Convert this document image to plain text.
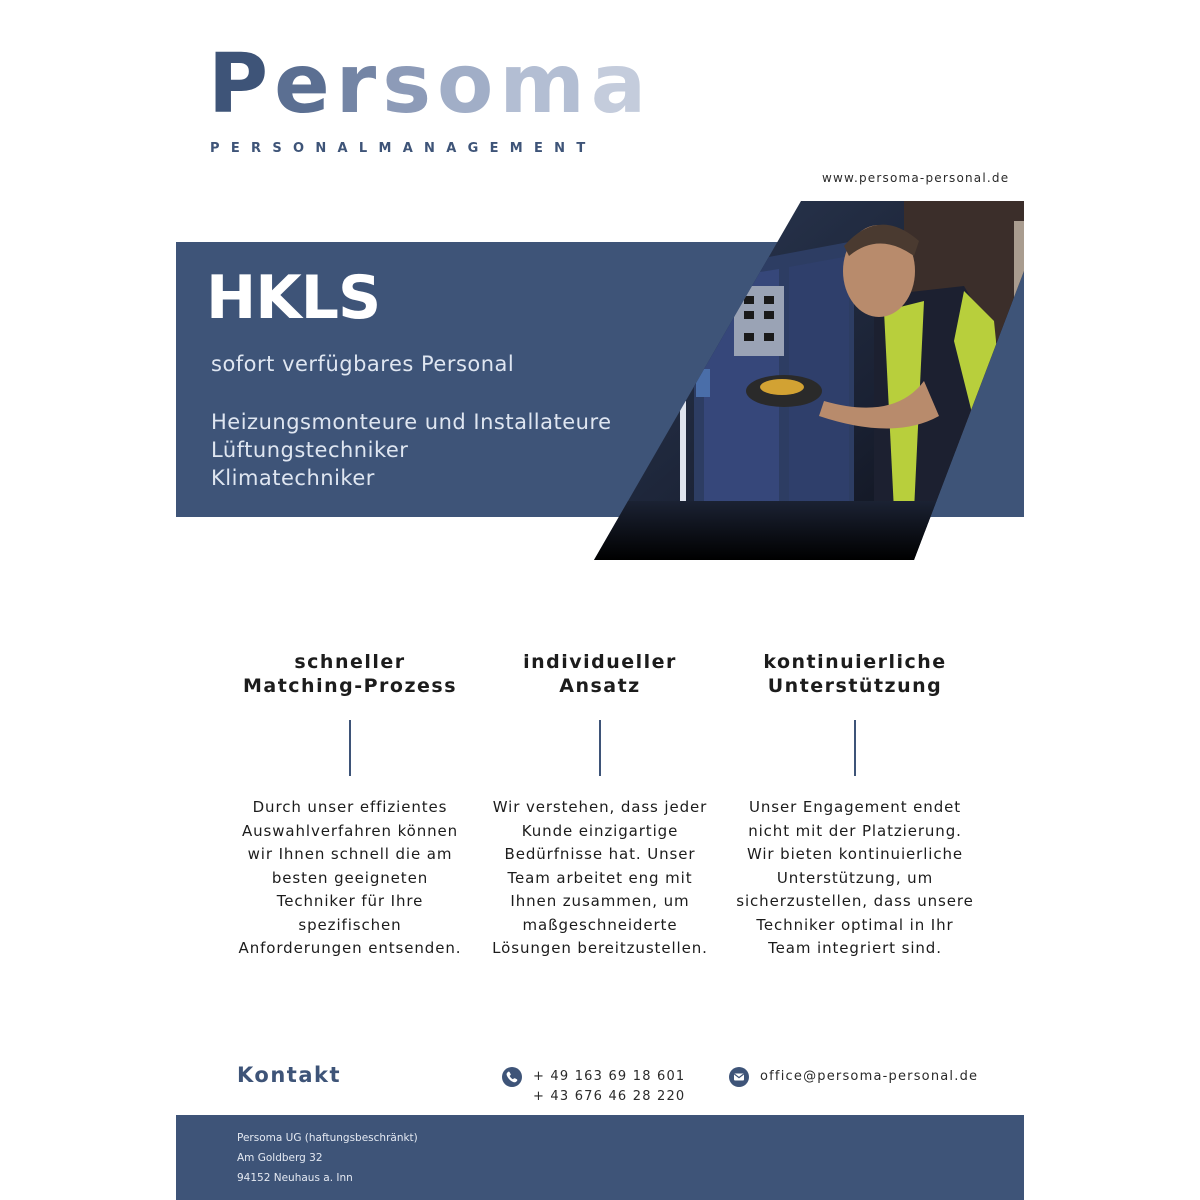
Persoma
PERSONALMANAGEMENT
www.persoma-personal.de
HKLS
sofort verfügbares Personal
Heizungsmonteure und Installateure
Lüftungstechniker
Klimatechniker
schneller
Matching-Prozess
Durch unser effizientes
Auswahlverfahren können
wir Ihnen schnell die am
besten geeigneten
Techniker für Ihre
spezifischen
Anforderungen entsenden.
individueller
Ansatz
Wir verstehen, dass jeder
Kunde einzigartige
Bedürfnisse hat. Unser
Team arbeitet eng mit
Ihnen zusammen, um
maßgeschneiderte
Lösungen bereitzustellen.
kontinuierliche
Unterstützung
Unser Engagement endet
nicht mit der Platzierung.
Wir bieten kontinuierliche
Unterstützung, um
sicherzustellen, dass unsere
Techniker optimal in Ihr
Team integriert sind.
Kontakt	+ 49 163 69 18 601
+ 43 676 46 28 220
office@persoma-personal.de
Persoma UG (haftungsbeschränkt)
Am Goldberg 32
94152 Neuhaus a. Inn
